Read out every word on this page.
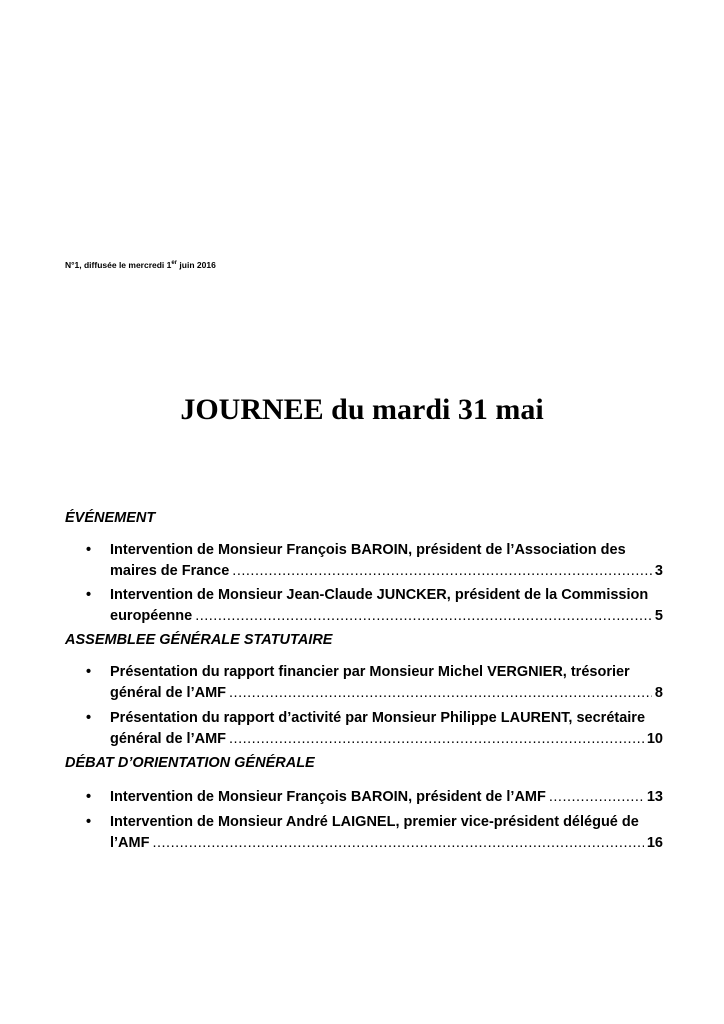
N°1, diffusée le mercredi 1er juin 2016
JOURNEE du mardi 31 mai
ÉVÉNEMENT
•	Intervention de Monsieur François BAROIN, président de l’Association des
maires de France .....	3
•	Intervention de Monsieur Jean-Claude JUNCKER, président de la Commission
européenne .....	5
ASSEMBLEE GÉNÉRALE STATUTAIRE
•	Présentation du rapport financier par Monsieur Michel VERGNIER, trésorier
général de l’AMF .....	8
•	Présentation du rapport d’activité par Monsieur Philippe LAURENT, secrétaire
général de l’AMF .....	10
DÉBAT D’ORIENTATION GÉNÉRALE
•	Intervention de Monsieur François BAROIN, président de l’AMF .....	13
•	Intervention de Monsieur André LAIGNEL, premier vice-président délégué de
l’AMF .....	16
